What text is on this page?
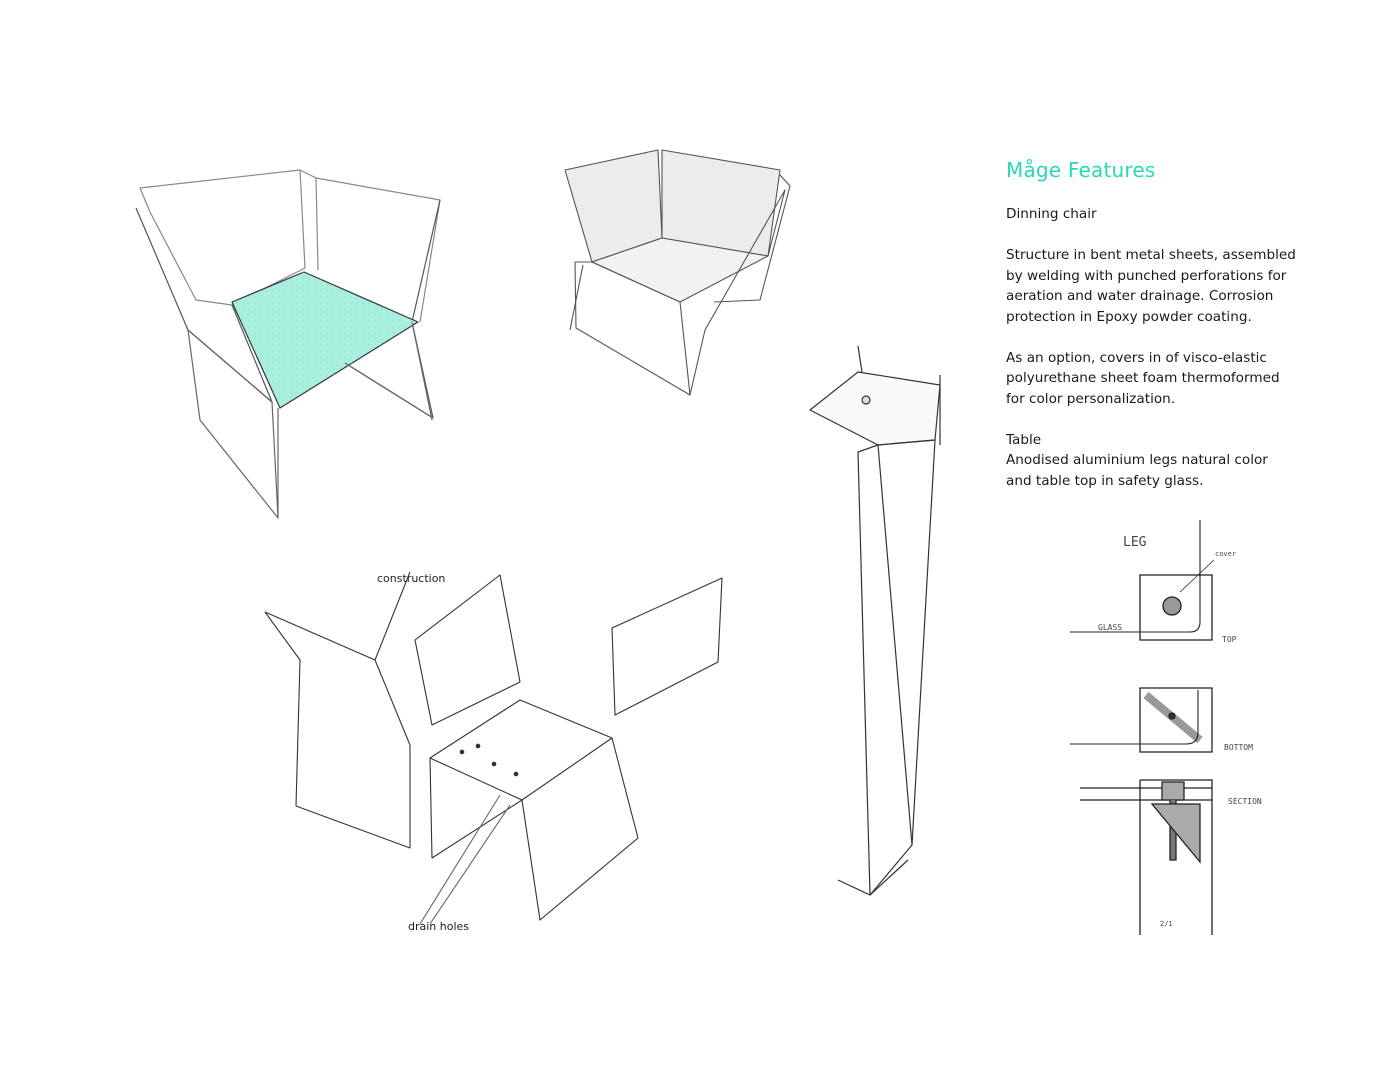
LEG
cover
GLASS
TOP
BOTTOM
SECTION
2/1
construction
drain holes
Måge Features

Dinning chair

Structure in bent metal sheets, assembled
by welding with punched perforations for
aeration and water drainage. Corrosion
protection in Epoxy powder coating.

As an option, covers in of visco-elastic
polyurethane sheet foam thermoformed
for color personalization.

Table

Anodised aluminium legs natural color
and table top in safety glass.
